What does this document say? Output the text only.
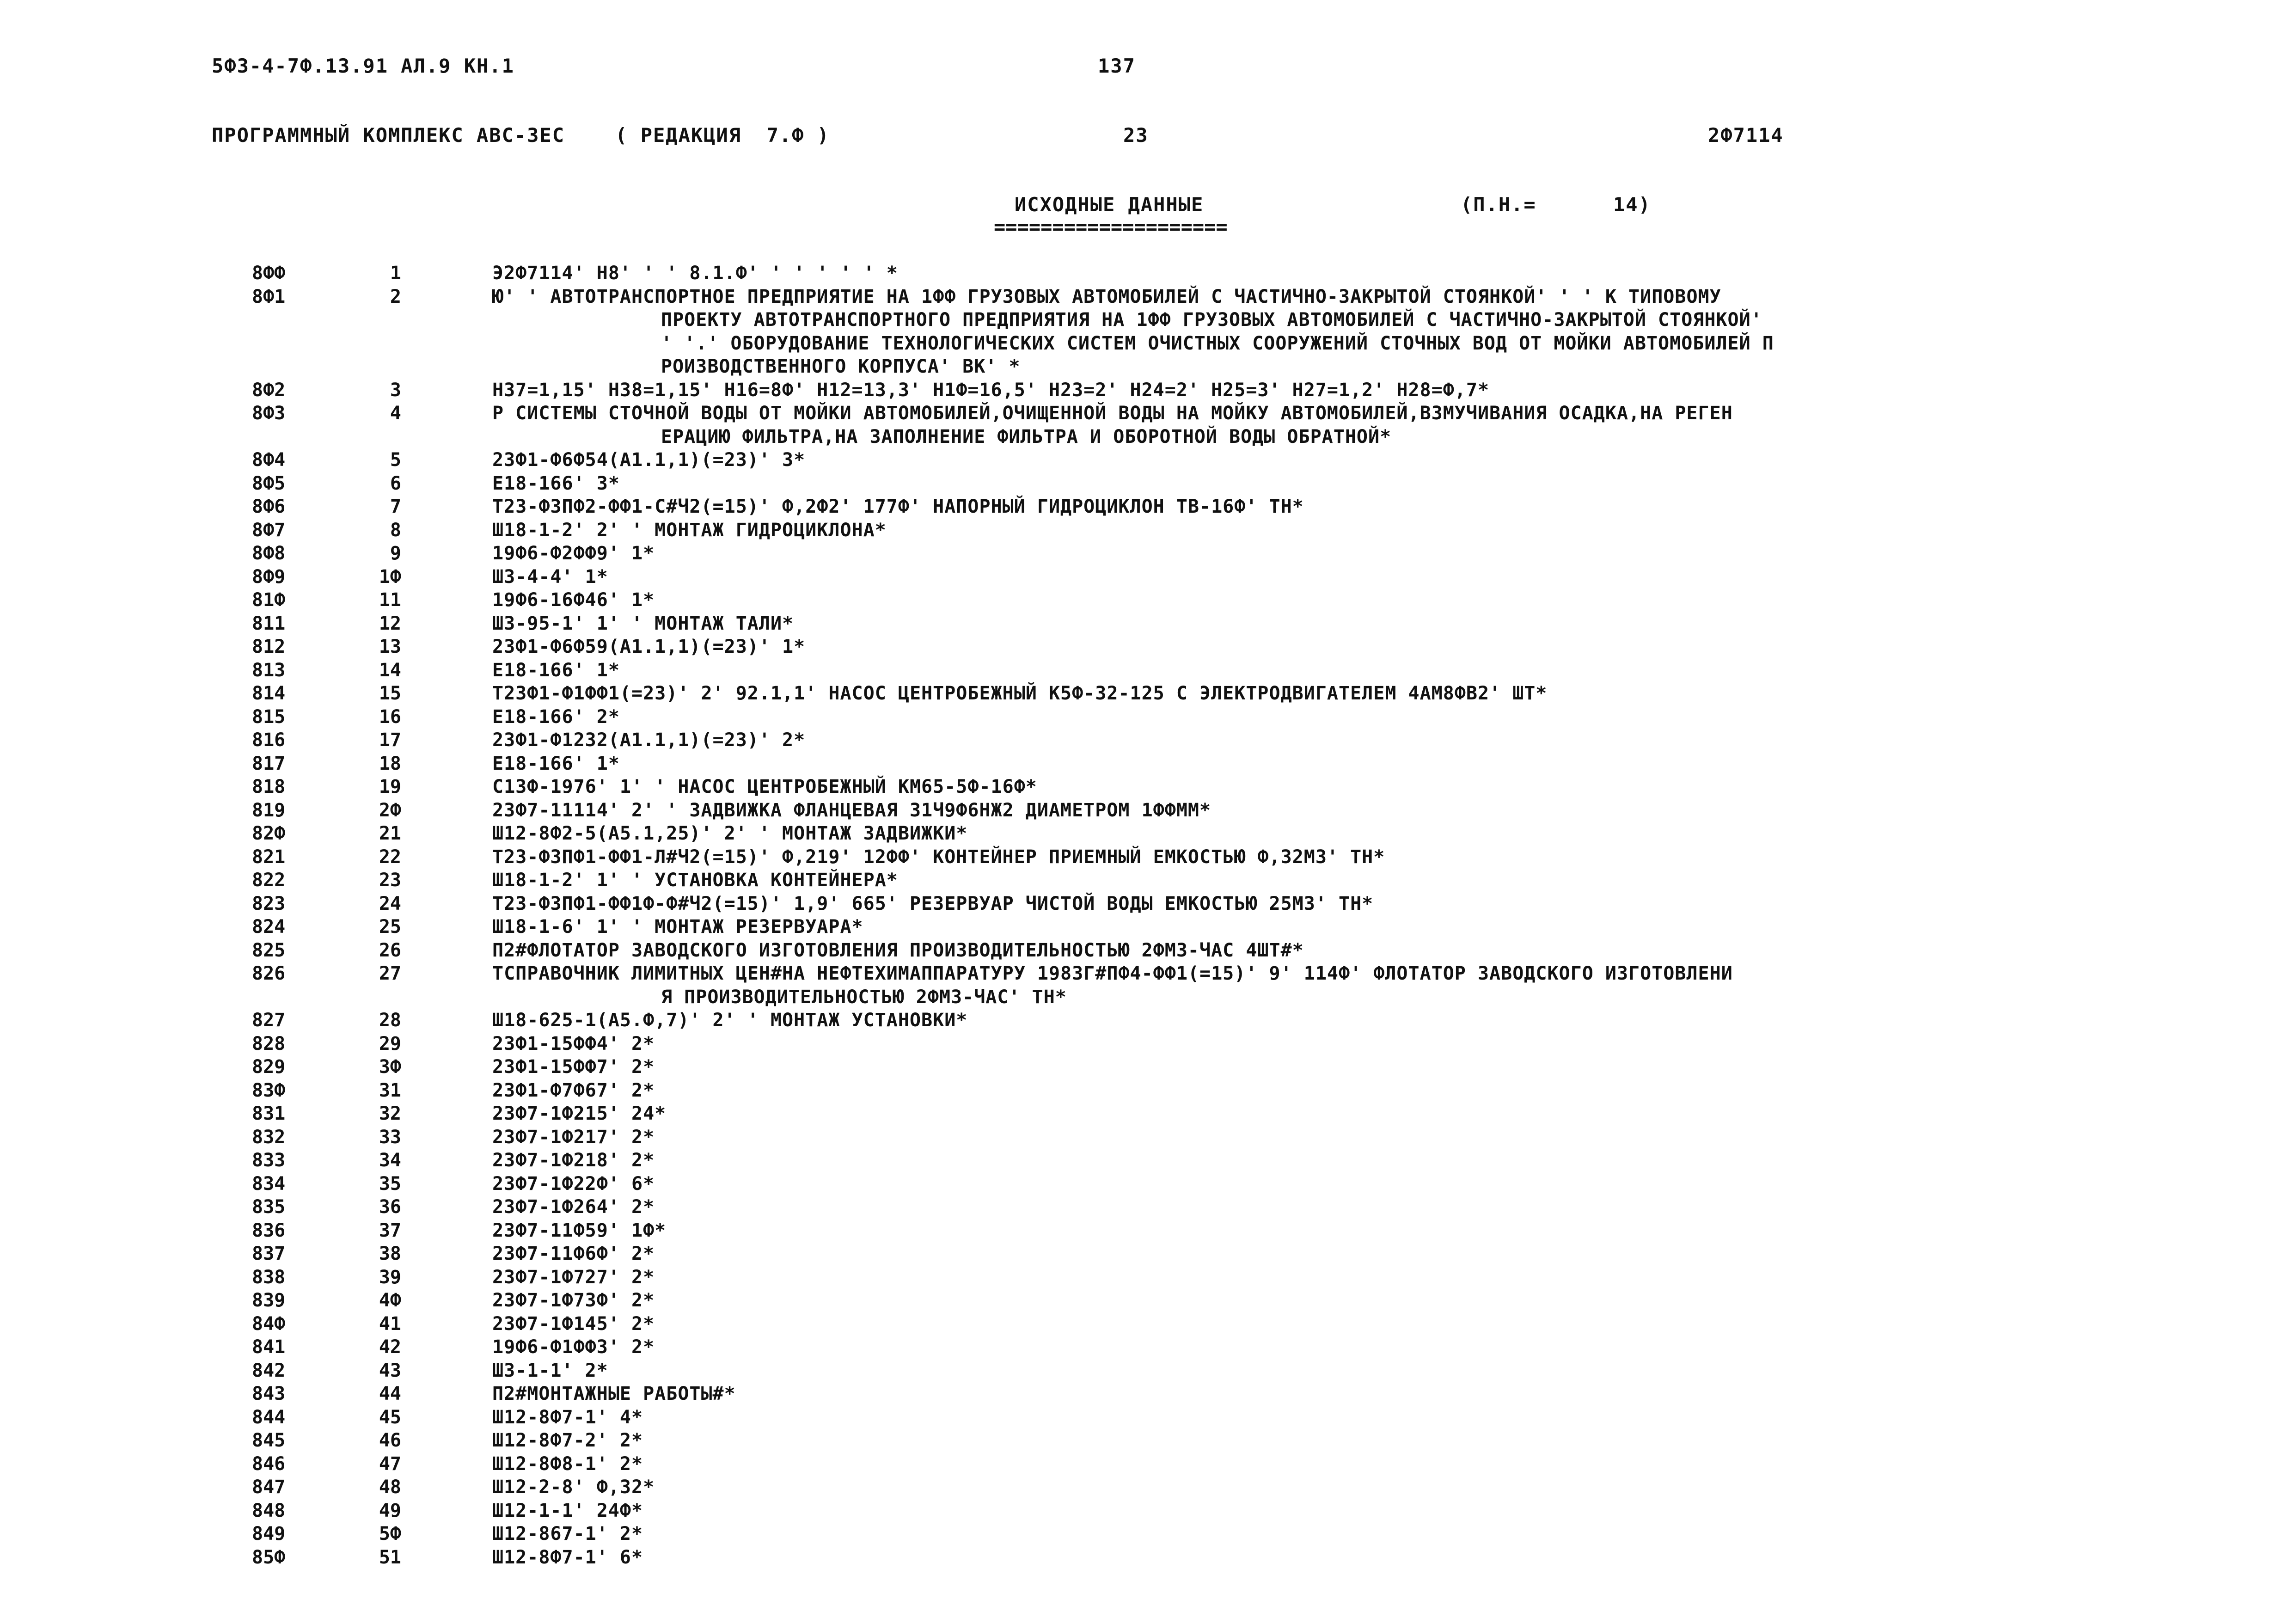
5Ф3-4-7Ф.13.91 АЛ.9 КН.1	137
ПРОГРАММНЫЙ КОМПЛЕКС АВС-3ЕС    ( РЕДАКЦИЯ  7.Ф )	23	2Ф7114
ИСХОДНЫЕ ДАННЫЕ
====================
(П.Н.=	14)
8ФФ	1	Э2Ф7114' Н8' ' ' 8.1.Ф' ' ' ' ' ' *
8Ф1	2	Ю' ' АВТОТРАНСПОРТНОЕ ПРЕДПРИЯТИЕ НА 1ФФ ГРУЗОВЫХ АВТОМОБИЛЕЙ С ЧАСТИЧНО-ЗАКРЫТОЙ СТОЯНКОЙ' ' ' К ТИПОВОМУ
ПРОЕКТУ АВТОТРАНСПОРТНОГО ПРЕДПРИЯТИЯ НА 1ФФ ГРУЗОВЫХ АВТОМОБИЛЕЙ С ЧАСТИЧНО-ЗАКРЫТОЙ СТОЯНКОЙ'
' '.' ОБОРУДОВАНИЕ ТЕХНОЛОГИЧЕСКИХ СИСТЕМ ОЧИСТНЫХ СООРУЖЕНИЙ СТОЧНЫХ ВОД ОТ МОЙКИ АВТОМОБИЛЕЙ П
РОИЗВОДСТВЕННОГО КОРПУСА' ВК' *
8Ф2	3	Н37=1,15' Н38=1,15' Н16=8Ф' Н12=13,3' Н1Ф=16,5' Н23=2' Н24=2' Н25=3' Н27=1,2' Н28=Ф,7*
8Ф3	4	Р СИСТЕМЫ СТОЧНОЙ ВОДЫ ОТ МОЙКИ АВТОМОБИЛЕЙ,ОЧИЩЕННОЙ ВОДЫ НА МОЙКУ АВТОМОБИЛЕЙ,ВЗМУЧИВАНИЯ ОСАДКА,НА РЕГЕН
ЕРАЦИЮ ФИЛЬТРА,НА ЗАПОЛНЕНИЕ ФИЛЬТРА И ОБОРОТНОЙ ВОДЫ ОБРАТНОЙ*
8Ф4	5	23Ф1-Ф6Ф54(А1.1,1)(=23)' 3*
8Ф5	6	Е18-166' 3*
8Ф6	7	Т23-Ф3ПФ2-ФФ1-С#Ч2(=15)' Ф,2Ф2' 177Ф' НАПОРНЫЙ ГИДРОЦИКЛОН ТВ-16Ф' ТН*
8Ф7	8	Ш18-1-2' 2' ' МОНТАЖ ГИДРОЦИКЛОНА*
8Ф8	9	19Ф6-Ф2ФФ9' 1*
8Ф9	1Ф	Ш3-4-4' 1*
81Ф	11	19Ф6-16Ф46' 1*
811	12	Ш3-95-1' 1' ' МОНТАЖ ТАЛИ*
812	13	23Ф1-Ф6Ф59(А1.1,1)(=23)' 1*
813	14	Е18-166' 1*
814	15	Т23Ф1-Ф1ФФ1(=23)' 2' 92.1,1' НАСОС ЦЕНТРОБЕЖНЫЙ К5Ф-32-125 С ЭЛЕКТРОДВИГАТЕЛЕМ 4АМ8ФВ2' ШТ*
815	16	Е18-166' 2*
816	17	23Ф1-Ф1232(А1.1,1)(=23)' 2*
817	18	Е18-166' 1*
818	19	С13Ф-1976' 1' ' НАСОС ЦЕНТРОБЕЖНЫЙ КМ65-5Ф-16Ф*
819	2Ф	23Ф7-11114' 2' ' ЗАДВИЖКА ФЛАНЦЕВАЯ 31Ч9Ф6НЖ2 ДИАМЕТРОМ 1ФФММ*
82Ф	21	Ш12-8Ф2-5(А5.1,25)' 2' ' МОНТАЖ ЗАДВИЖКИ*
821	22	Т23-Ф3ПФ1-ФФ1-Л#Ч2(=15)' Ф,219' 12ФФ' КОНТЕЙНЕР ПРИЕМНЫЙ ЕМКОСТЬЮ Ф,32М3' ТН*
822	23	Ш18-1-2' 1' ' УСТАНОВКА КОНТЕЙНЕРА*
823	24	Т23-Ф3ПФ1-ФФ1Ф-Ф#Ч2(=15)' 1,9' 665' РЕЗЕРВУАР ЧИСТОЙ ВОДЫ ЕМКОСТЬЮ 25М3' ТН*
824	25	Ш18-1-6' 1' ' МОНТАЖ РЕЗЕРВУАРА*
825	26	П2#ФЛОТАТОР ЗАВОДСКОГО ИЗГОТОВЛЕНИЯ ПРОИЗВОДИТЕЛЬНОСТЬЮ 2ФМ3-ЧАС 4ШТ#*
826	27	ТСПРАВОЧНИК ЛИМИТНЫХ ЦЕН#НА НЕФТЕХИМАППАРАТУРУ 1983Г#ПФ4-ФФ1(=15)' 9' 114Ф' ФЛОТАТОР ЗАВОДСКОГО ИЗГОТОВЛЕНИ
Я ПРОИЗВОДИТЕЛЬНОСТЬЮ 2ФМ3-ЧАС' ТН*
827	28	Ш18-625-1(А5.Ф,7)' 2' ' МОНТАЖ УСТАНОВКИ*
828	29	23Ф1-15ФФ4' 2*
829	3Ф	23Ф1-15ФФ7' 2*
83Ф	31	23Ф1-Ф7Ф67' 2*
831	32	23Ф7-1Ф215' 24*
832	33	23Ф7-1Ф217' 2*
833	34	23Ф7-1Ф218' 2*
834	35	23Ф7-1Ф22Ф' 6*
835	36	23Ф7-1Ф264' 2*
836	37	23Ф7-11Ф59' 1Ф*
837	38	23Ф7-11Ф6Ф' 2*
838	39	23Ф7-1Ф727' 2*
839	4Ф	23Ф7-1Ф73Ф' 2*
84Ф	41	23Ф7-1Ф145' 2*
841	42	19Ф6-Ф1ФФ3' 2*
842	43	Ш3-1-1' 2*
843	44	П2#МОНТАЖНЫЕ РАБОТЫ#*
844	45	Ш12-8Ф7-1' 4*
845	46	Ш12-8Ф7-2' 2*
846	47	Ш12-8Ф8-1' 2*
847	48	Ш12-2-8' Ф,32*
848	49	Ш12-1-1' 24Ф*
849	5Ф	Ш12-867-1' 2*
85Ф	51	Ш12-8Ф7-1' 6*
